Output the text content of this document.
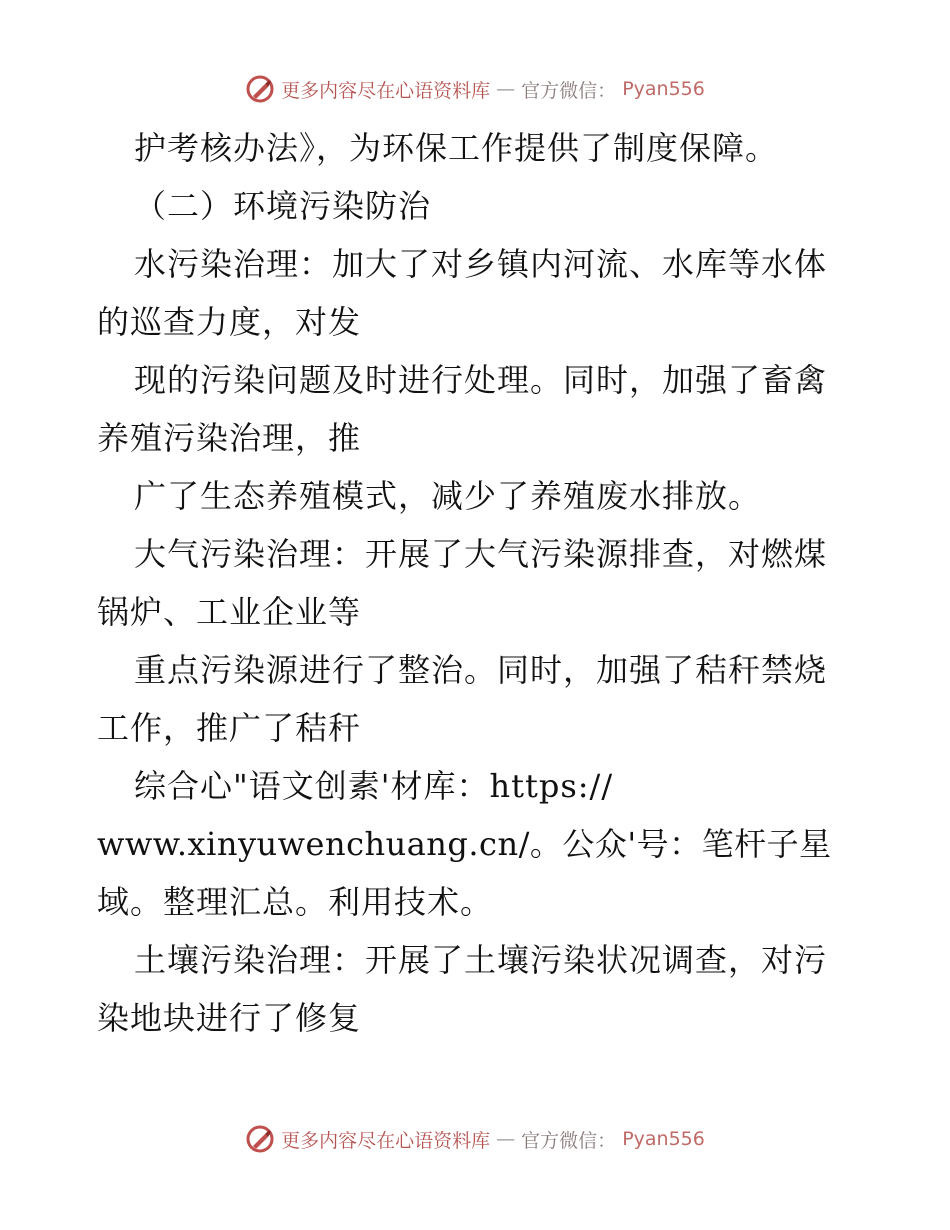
更多内容尽在心语资料库 — 官方微信： Pyan556
护考核办法》，为环保工作提供了制度保障。
（二）环境污染防治
水污染治理：加大了对乡镇内河流、水库等水体
的巡查力度，对发
现的污染问题及时进行处理。同时，加强了畜禽
养殖污染治理，推
广了生态养殖模式，减少了养殖废水排放。
大气污染治理：开展了大气污染源排查，对燃煤
锅炉、工业企业等
重点污染源进行了整治。同时，加强了秸秆禁烧
工作，推广了秸秆
综合心"语文创素'材库：https://
www.xinyuwenchuang.cn/。公众'号：笔杆子星
域。整理汇总。利用技术。
土壤污染治理：开展了土壤污染状况调查，对污
染地块进行了修复
更多内容尽在心语资料库 — 官方微信： Pyan556
